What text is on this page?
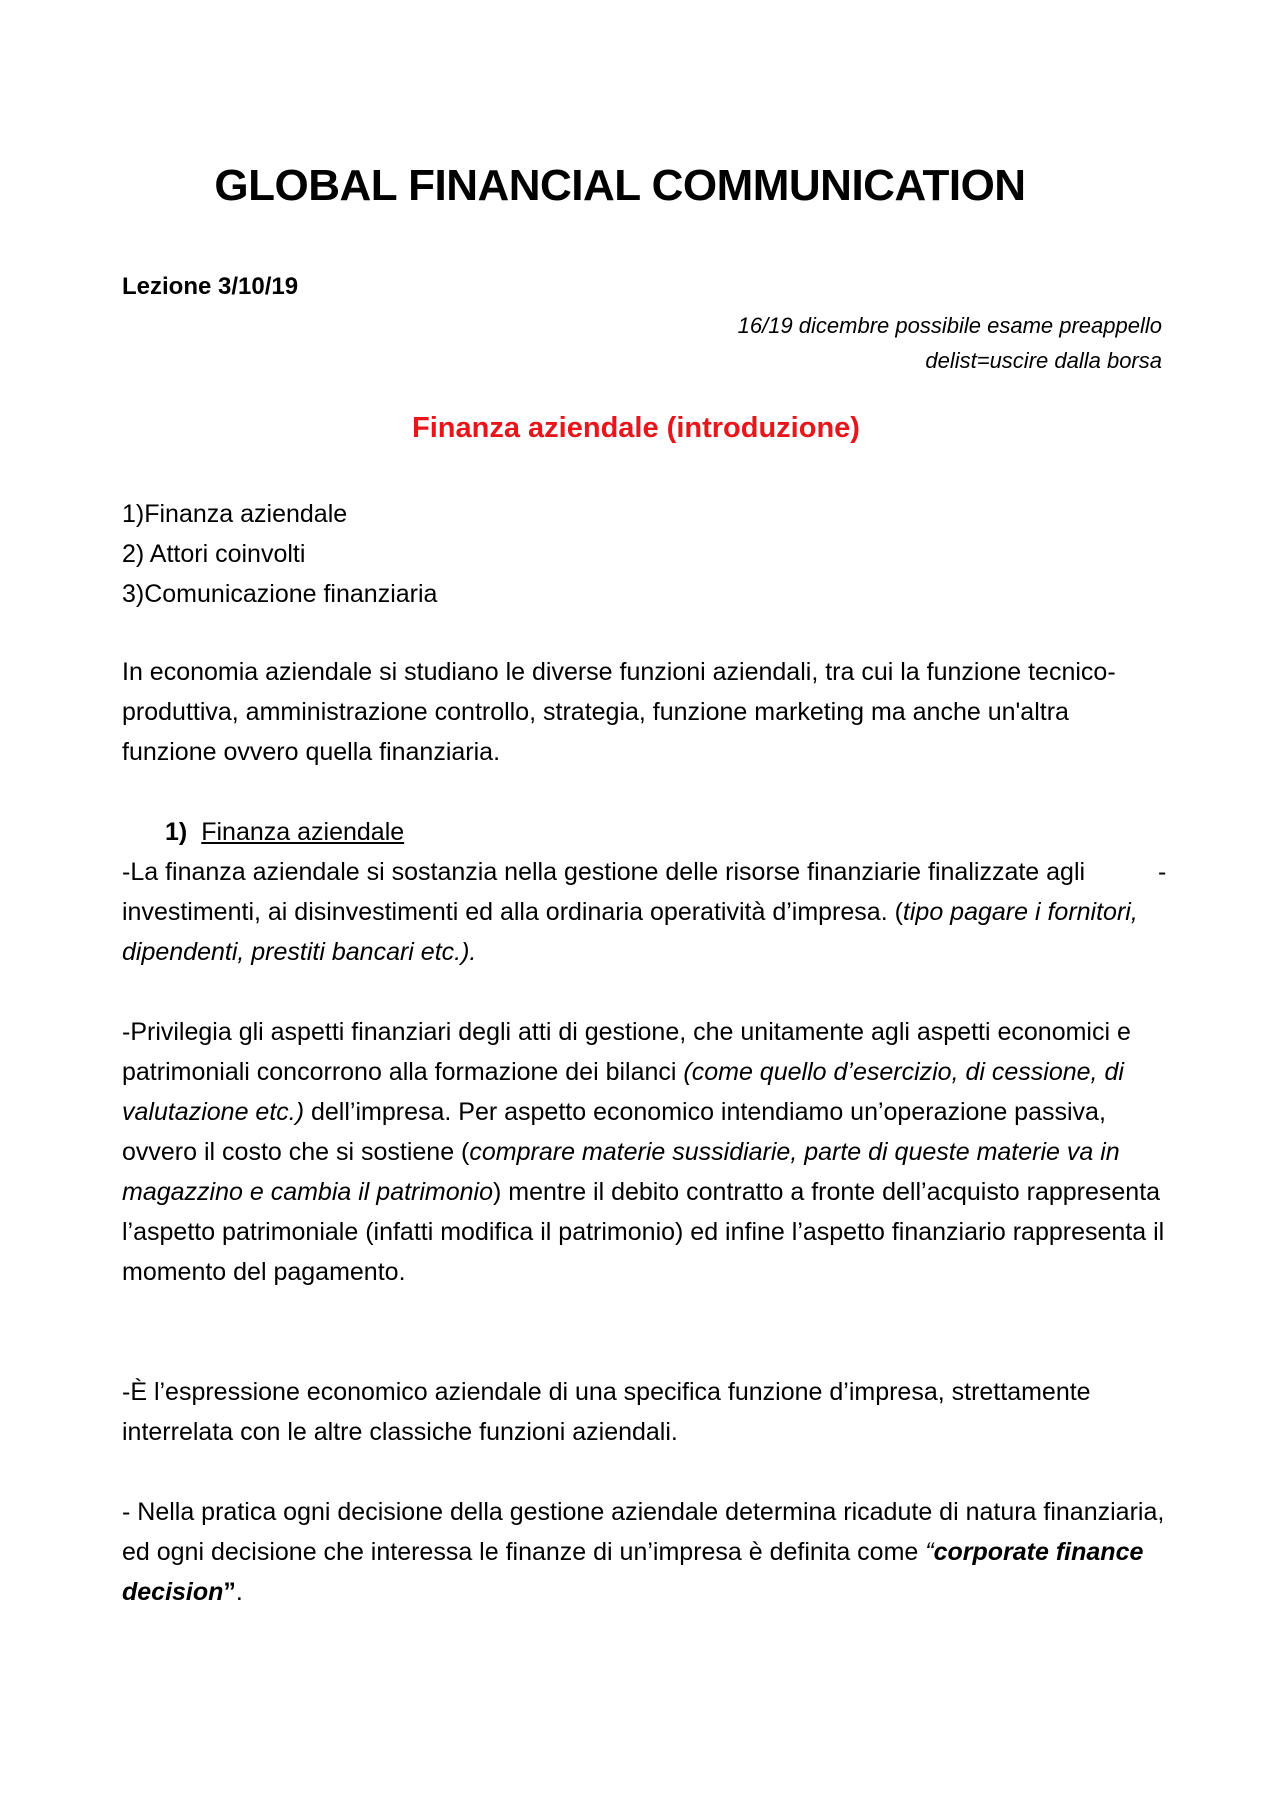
GLOBAL FINANCIAL COMMUNICATION
Lezione 3/10/19
16/19 dicembre possibile esame preappello
delist=uscire dalla borsa
Finanza aziendale (introduzione)
1)Finanza aziendale
2) Attori coinvolti
3)Comunicazione finanziaria

In economia aziendale si studiano le diverse funzioni aziendali, tra cui la funzione tecnico-produttiva, amministrazione controllo, strategia, funzione marketing ma anche un'altra funzione ovvero quella finanziaria.

1) Finanza aziendale

-La finanza aziendale si sostanzia nella gestione delle risorse finanziarie finalizzate agli investimenti, ai disinvestimenti ed alla ordinaria operatività d’impresa. (tipo pagare i fornitori, dipendenti, prestiti bancari etc.).

-

-Privilegia gli aspetti finanziari degli atti di gestione, che unitamente agli aspetti economici e patrimoniali concorrono alla formazione dei bilanci (come quello d’esercizio, di cessione, di valutazione etc.) dell’impresa. Per aspetto economico intendiamo un’operazione passiva, ovvero il costo che si sostiene (comprare materie sussidiarie, parte di queste materie va in magazzino e cambia il patrimonio) mentre il debito contratto a fronte dell’acquisto rappresenta l’aspetto patrimoniale (infatti modifica il patrimonio) ed infine l’aspetto finanziario rappresenta il momento del pagamento.

-È l’espressione economico aziendale di una specifica funzione d’impresa, strettamente interrelata con le altre classiche funzioni aziendali.

- Nella pratica ogni decisione della gestione aziendale determina ricadute di natura finanziaria, ed ogni decisione che interessa le finanze di un’impresa è definita come “corporate finance decision”.
